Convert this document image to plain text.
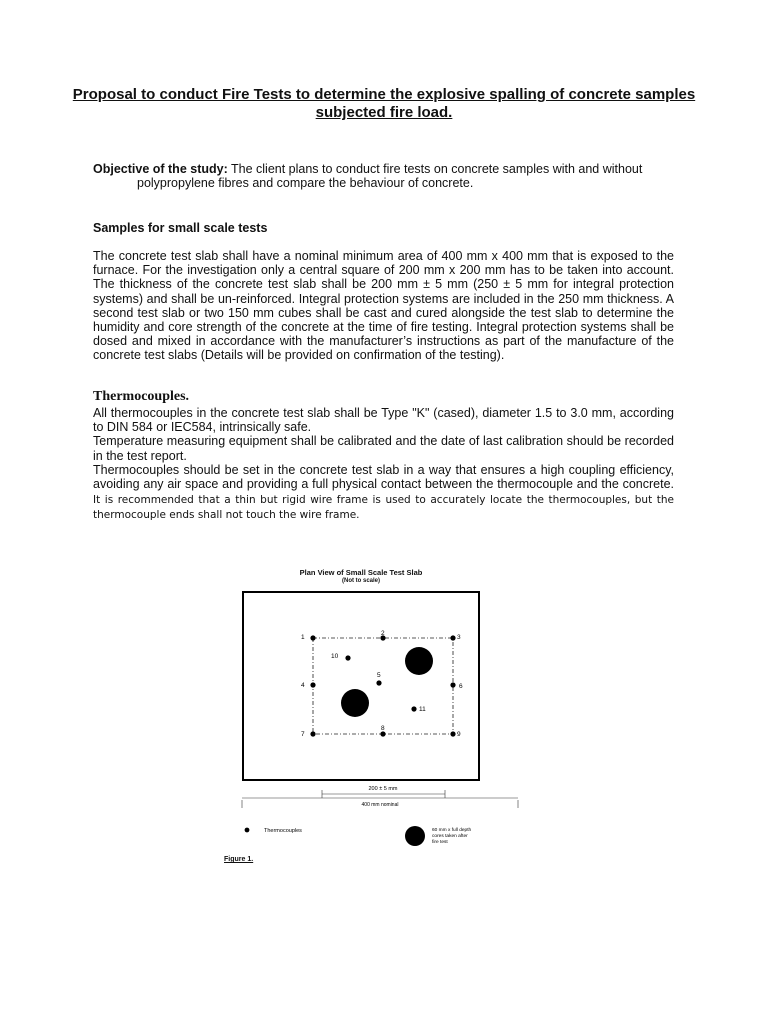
Proposal to conduct Fire Tests to determine the explosive spalling of concrete samples subjected fire load.

Objective of the study: The client plans to conduct fire tests on concrete samples with and without
polypropylene fibres and compare the behaviour of concrete.

Samples for small scale tests

The concrete test slab shall have a nominal minimum area of 400 mm x 400 mm that is exposed to the furnace. For the investigation only a central square of 200 mm x 200 mm has to be taken into account. The thickness of the concrete test slab shall be 200 mm ± 5 mm (250 ± 5 mm for integral protection systems) and shall be un-reinforced. Integral protection systems are included in the 250 mm thickness. A second test slab or two 150 mm cubes shall be cast and cured alongside the test slab to determine the humidity and core strength of the concrete at the time of fire testing. Integral protection systems shall be dosed and mixed in accordance with the manufacturer’s instructions as part of the manufacture of the concrete test slabs (Details will be provided on confirmation of the testing).

Thermocouples.

All thermocouples in the concrete test slab shall be Type "K" (cased), diameter 1.5 to 3.0 mm, according to DIN 584 or IEC584, intrinsically safe.

Temperature measuring equipment shall be calibrated and the date of last calibration should be recorded in the test report.

Thermocouples should be set in the concrete test slab in a way that ensures a high coupling efficiency, avoiding any air space and providing a full physical contact between the thermocouple and the concrete. It is recommended that a thin but rigid wire frame is used to accurately locate the thermocouples, but the thermocouple ends shall not touch the wire frame.

Plan View of Small Scale Test Slab

(Not to scale)

1
2
3
4
5
6
7
8
9
10
11
200 ± 5 mm
400 mm nominal
Thermocouples	60 mm x full depth
cores taken after
fire test

Figure 1.
